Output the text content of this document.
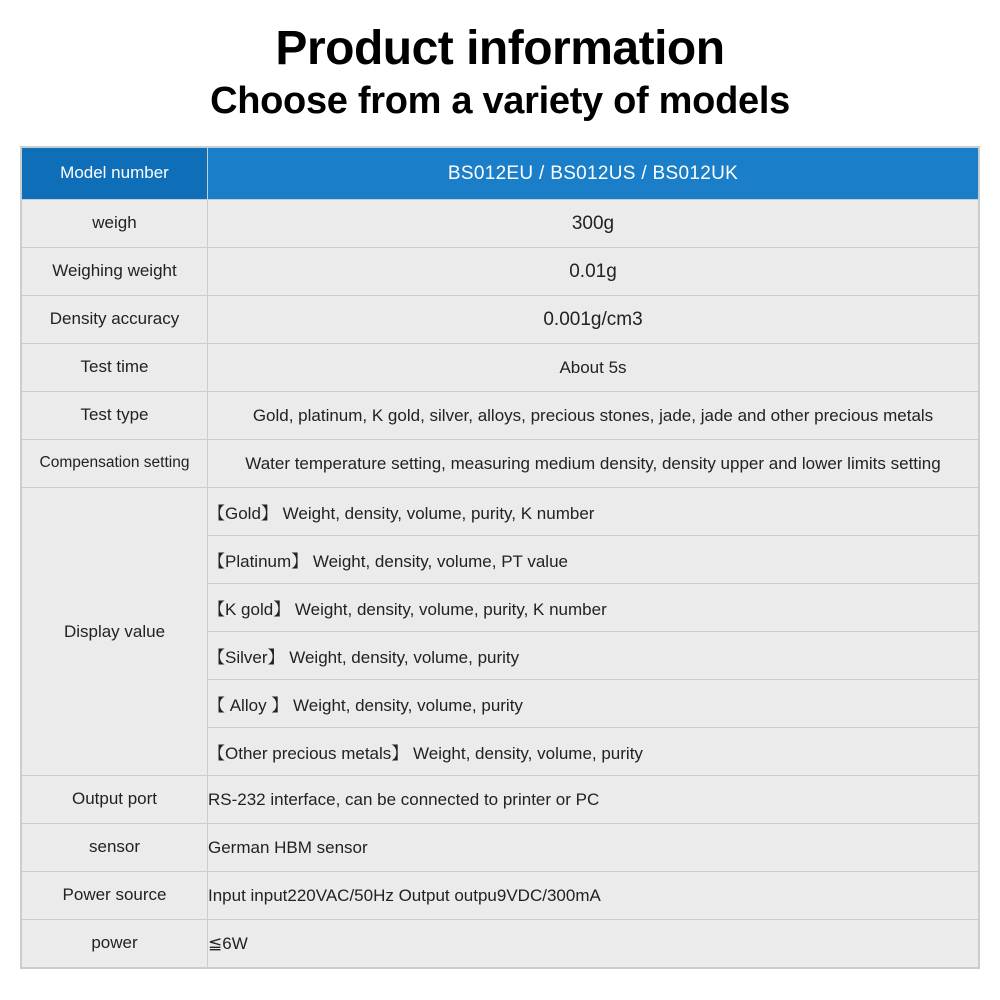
Product information
Choose from a variety of models
Model number	BS012EU / BS012US / BS012UK
weigh	300g
Weighing weight	0.01g
Density accuracy	0.001g/cm3
Test time	About 5s
Test type	Gold, platinum, K gold, silver, alloys, precious stones, jade, jade and other precious metals
Compensation setting	Water temperature setting, measuring medium density, density upper and lower limits setting
Display value	【Gold】 Weight, density, volume, purity, K number
	【Platinum】 Weight, density, volume, PT value
	【K gold】 Weight, density, volume, purity, K number
	【Silver】 Weight, density, volume, purity
	【 Alloy 】 Weight, density, volume, purity
	【Other precious metals】 Weight, density, volume, purity
Output port	RS-232 interface, can be connected to printer or PC
sensor	German HBM sensor
Power source	Input input220VAC/50Hz Output outpu9VDC/300mA
power	≦6W
